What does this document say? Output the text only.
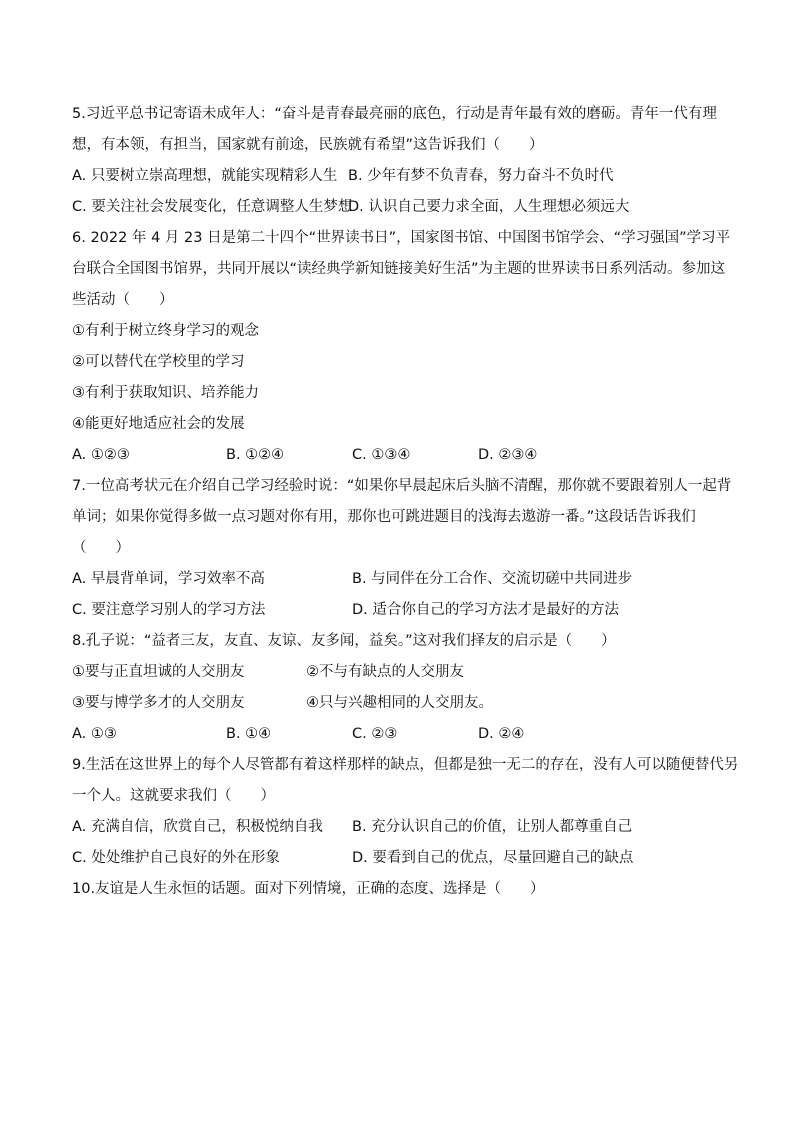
5.习近平总书记寄语未成年人：“奋斗是青春最亮丽的底色，行动是青年最有效的磨砺。青年一代有理
想，有本领，有担当，国家就有前途，民族就有希望”这告诉我们（　　）
A. 只要树立崇高理想，就能实现精彩人生 B. 少年有梦不负青春，努力奋斗不负时代
C. 要关注社会发展变化，任意调整人生梦想
D. 认识自己要力求全面，人生理想必须远大
6. 2022 年 4 月 23 日是第二十四个“世界读书日”，国家图书馆、中国图书馆学会、“学习强国”学习平
台联合全国图书馆界，共同开展以“读经典学新知链接美好生活”为主题的世界读书日系列活动。参加这
些活动（　　）
①有利于树立终身学习的观念
②可以替代在学校里的学习
③有利于获取知识、培养能力
④能更好地适应社会的发展
A. ①②③	B. ①②④	C. ①③④	D. ②③④
7.一位高考状元在介绍自己学习经验时说：“如果你早晨起床后头脑不清醒，那你就不要跟着别人一起背
单词；如果你觉得多做一点习题对你有用，那你也可跳进题目的浅海去遨游一番。”这段话告诉我们
（　　）
A. 早晨背单词，学习效率不高	B. 与同伴在分工合作、交流切磋中共同进步
C. 要注意学习别人的学习方法	D. 适合你自己的学习方法才是最好的方法
8.孔子说：“益者三友，友直、友谅、友多闻，益矣。”这对我们择友的启示是（　　）
①要与正直坦诚的人交朋友	②不与有缺点的人交朋友
③要与博学多才的人交朋友	④只与兴趣相同的人交朋友。
A. ①③	B. ①④	C. ②③	D. ②④
9.生活在这世界上的每个人尽管都有着这样那样的缺点，但都是独一无二的存在，没有人可以随便替代另
一个人。这就要求我们（　　）
A. 充满自信，欣赏自己，积极悦纳自我 B. 充分认识自己的价值，让别人都尊重自己
C. 处处维护自己良好的外在形象	D. 要看到自己的优点，尽量回避自己的缺点
10.友谊是人生永恒的话题。面对下列情境，正确的态度、选择是（　　）
